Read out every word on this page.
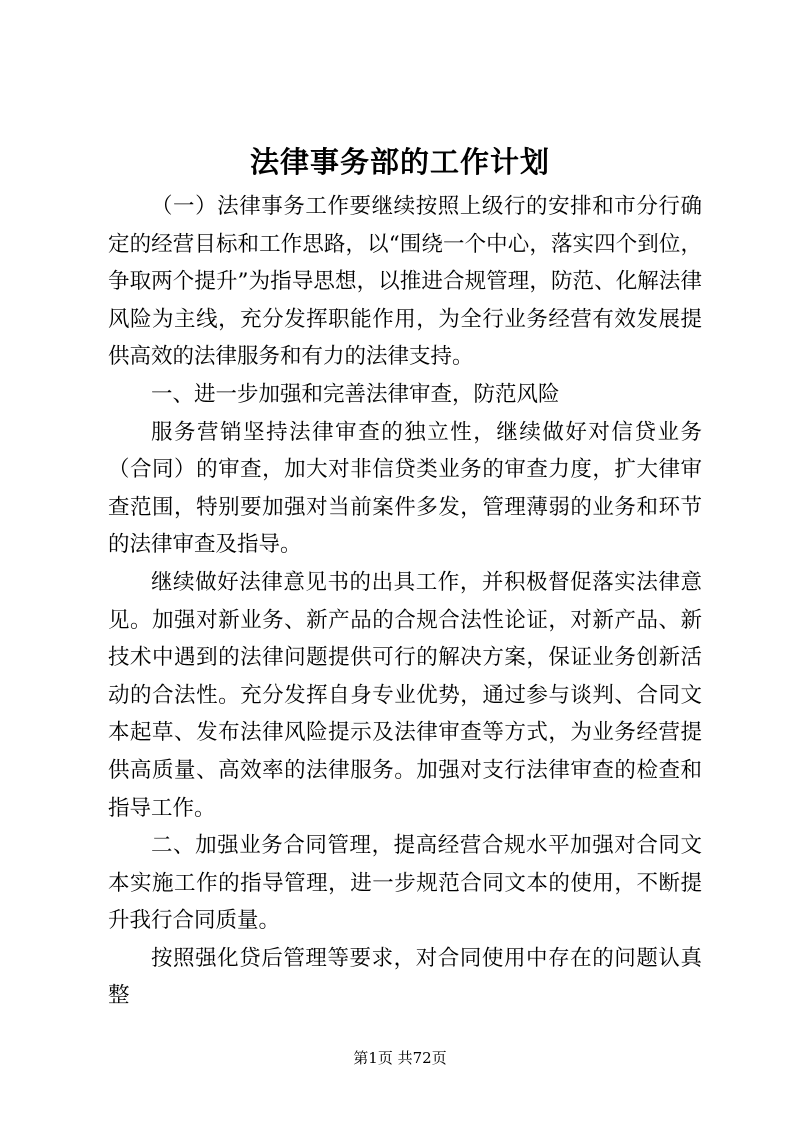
法律事务部的工作计划

（一）法律事务工作要继续按照上级行的安排和市分行确定的经营目标和工作思路，以“围绕一个中心，落实四个到位，争取两个提升”为指导思想，以推进合规管理，防范、化解法律风险为主线，充分发挥职能作用，为全行业务经营有效发展提供高效的法律服务和有力的法律支持。

一、进一步加强和完善法律审查，防范风险

服务营销坚持法律审查的独立性，继续做好对信贷业务（合同）的审查，加大对非信贷类业务的审查力度，扩大律审查范围，特别要加强对当前案件多发，管理薄弱的业务和环节的法律审查及指导。

继续做好法律意见书的出具工作，并积极督促落实法律意见。加强对新业务、新产品的合规合法性论证，对新产品、新技术中遇到的法律问题提供可行的解决方案，保证业务创新活动的合法性。充分发挥自身专业优势，通过参与谈判、合同文本起草、发布法律风险提示及法律审查等方式，为业务经营提供高质量、高效率的法律服务。加强对支行法律审查的检查和指导工作。

二、加强业务合同管理，提高经营合规水平加强对合同文本实施工作的指导管理，进一步规范合同文本的使用，不断提升我行合同质量。

按照强化贷后管理等要求，对合同使用中存在的问题认真整

第1页 共72页
